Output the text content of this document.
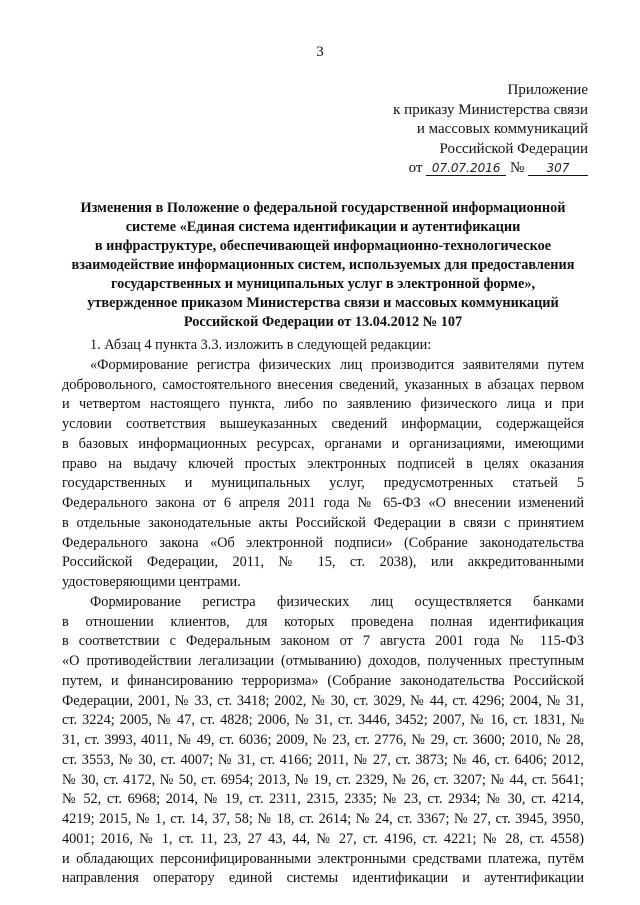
3
Приложение
к приказу Министерства связи
и массовых коммуникаций
Российской Федерации
от 07.07.2016 № 307
Изменения в Положение о федеральной государственной информационной
системе «Единая система идентификации и аутентификации
в инфраструктуре, обеспечивающей информационно-технологическое
взаимодействие информационных систем, используемых для предоставления
государственных и муниципальных услуг в электронной форме»,
утвержденное приказом Министерства связи и массовых коммуникаций
Российской Федерации от 13.04.2012 № 107

1. Абзац 4 пункта 3.3. изложить в следующей редакции:

«Формирование регистра физических лиц производится заявителями путем
добровольного, самостоятельного внесения сведений, указанных в абзацах первом
и четвертом настоящего пункта, либо по заявлению физического лица и при
условии соответствия вышеуказанных сведений информации, содержащейся
в базовых информационных ресурсах, органами и организациями, имеющими
право на выдачу ключей простых электронных подписей в целях оказания
государственных и муниципальных услуг, предусмотренных статьей 5
Федерального закона от 6 апреля 2011 года № 65-ФЗ «О внесении изменений
в отдельные законодательные акты Российской Федерации в связи с принятием
Федерального закона «Об электронной подписи» (Собрание законодательства
Российской Федерации, 2011, № 15, ст. 2038), или аккредитованными
удостоверяющими центрами.
Формирование регистра физических лиц осуществляется банками
в отношении клиентов, для которых проведена полная идентификация
в соответствии с Федеральным законом от 7 августа 2001 года № 115-ФЗ
«О противодействии легализации (отмыванию) доходов, полученных преступным
путем, и финансированию терроризма» (Собрание законодательства Российской
Федерации, 2001, № 33, ст. 3418; 2002, № 30, ст. 3029, № 44, ст. 4296; 2004, № 31,
ст. 3224; 2005, № 47, ст. 4828; 2006, № 31, ст. 3446, 3452; 2007, № 16, ст. 1831, №
31, ст. 3993, 4011, № 49, ст. 6036; 2009, № 23, ст. 2776, № 29, ст. 3600; 2010, № 28,
ст. 3553, № 30, ст. 4007; № 31, ст. 4166; 2011, № 27, ст. 3873; № 46, ст. 6406; 2012,
№ 30, ст. 4172, № 50, ст. 6954; 2013, № 19, ст. 2329, № 26, ст. 3207; № 44, ст. 5641;
№ 52, ст. 6968; 2014, № 19, ст. 2311, 2315, 2335; № 23, ст. 2934; № 30, ст. 4214,
4219; 2015, № 1, ст. 14, 37, 58; № 18, ст. 2614; № 24, ст. 3367; № 27, ст. 3945, 3950,
4001; 2016, № 1, ст. 11, 23, 27 43, 44, № 27, ст. 4196, ст. 4221; № 28, ст. 4558)
и обладающих персонифицированными электронными средствами платежа, путём
направления оператору единой системы идентификации и аутентификации
